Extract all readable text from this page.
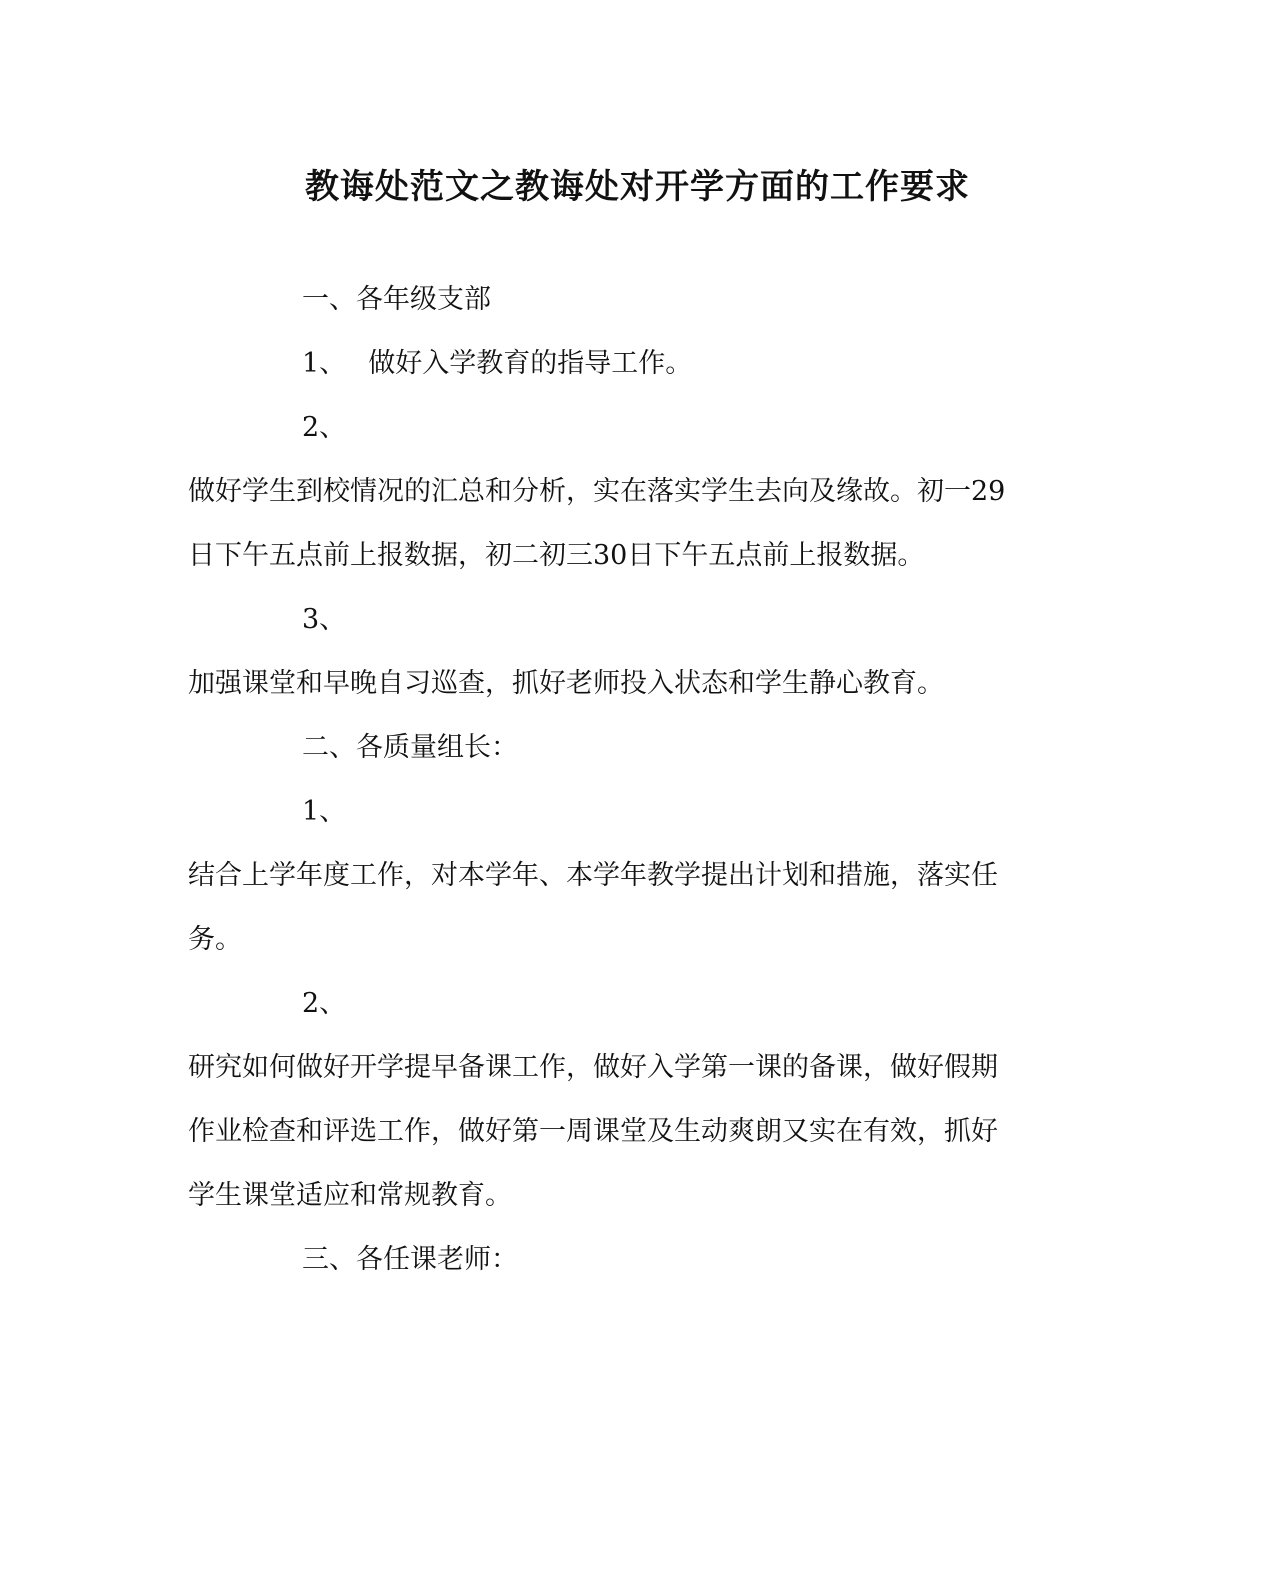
教诲处范文之教诲处对开学方面的工作要求
一、各年级支部
1、　 做好入学教育的指导工作。
2、
做好学生到校情况的汇总和分析，实在落实学生去向及缘故。初一29
日下午五点前上报数据，初二初三30日下午五点前上报数据。
3、
加强课堂和早晚自习巡查，抓好老师投入状态和学生静心教育。
二、各质量组长：
1、
结合上学年度工作，对本学年、本学年教学提出计划和措施，落实任
务。
2、
研究如何做好开学提早备课工作，做好入学第一课的备课，做好假期
作业检查和评选工作，做好第一周课堂及生动爽朗又实在有效，抓好
学生课堂适应和常规教育。
三、各任课老师：
